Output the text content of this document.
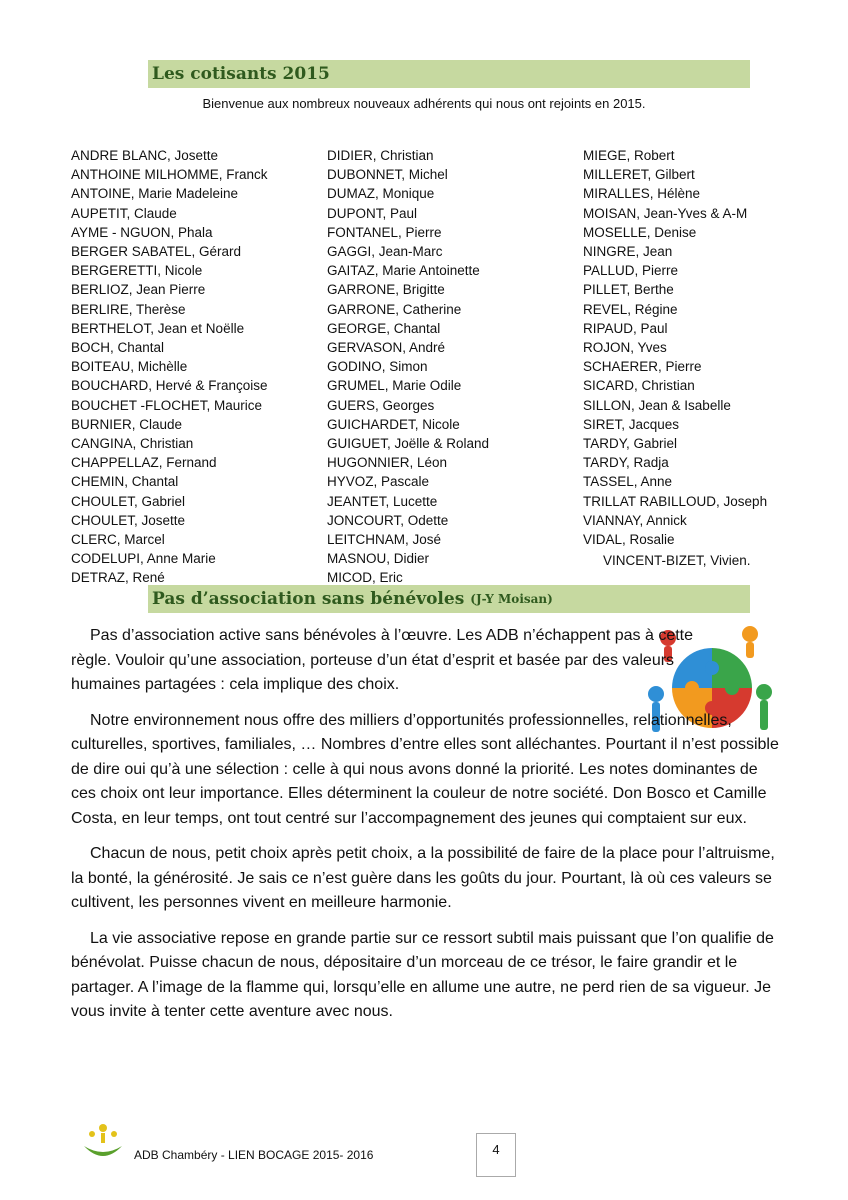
Les cotisants 2015
Bienvenue aux nombreux nouveaux adhérents qui nous ont rejoints en 2015.
ANDRE BLANC, Josette
ANTHOINE MILHOMME, Franck
ANTOINE, Marie Madeleine
AUPETIT, Claude
AYME - NGUON, Phala
BERGER SABATEL, Gérard
BERGERETTI, Nicole
BERLIOZ, Jean Pierre
BERLIRE, Therèse
BERTHELOT, Jean et Noëlle
BOCH, Chantal
BOITEAU, Michèlle
BOUCHARD, Hervé & Françoise
BOUCHET -FLOCHET, Maurice
BURNIER, Claude
CANGINA, Christian
CHAPPELLAZ, Fernand
CHEMIN, Chantal
CHOULET, Gabriel
CHOULET, Josette
CLERC, Marcel
CODELUPI, Anne Marie
DETRAZ, René
DIDIER, Christian
DUBONNET, Michel
DUMAZ, Monique
DUPONT, Paul
FONTANEL, Pierre
GAGGI, Jean-Marc
GAITAZ, Marie Antoinette
GARRONE, Brigitte
GARRONE, Catherine
GEORGE, Chantal
GERVASON, André
GODINO, Simon
GRUMEL, Marie Odile
GUERS, Georges
GUICHARDET, Nicole
GUIGUET, Joëlle & Roland
HUGONNIER, Léon
HYVOZ, Pascale
JEANTET, Lucette
JONCOURT, Odette
LEITCHNAM, José
MASNOU, Didier
MICOD, Eric
MIEGE, Robert
MILLERET, Gilbert
MIRALLES, Hélène
MOISAN, Jean-Yves & A-M
MOSELLE, Denise
NINGRE, Jean
PALLUD, Pierre
PILLET, Berthe
REVEL, Régine
RIPAUD, Paul
ROJON, Yves
SCHAERER, Pierre
SICARD, Christian
SILLON, Jean & Isabelle
SIRET, Jacques
TARDY, Gabriel
TARDY, Radja
TASSEL, Anne
TRILLAT RABILLOUD, Joseph
VIANNAY, Annick
VIDAL, Rosalie
VINCENT-BIZET, Vivien.
Pas d’association sans bénévoles (J-Y Moisan)

Pas d’association active sans bénévoles à l’œuvre. Les ADB n’échappent pas à cette règle. Vouloir qu’une association, porteuse d’un état d’esprit et basée par des valeurs humaines partagées : cela implique des choix.

Notre environnement nous offre des milliers d’opportunités professionnelles, relationnelles, culturelles, sportives, familiales, … Nombres d’entre elles sont alléchantes. Pourtant il n’est possible de dire oui qu’à une sélection : celle à qui nous avons donné la priorité. Les notes dominantes de ces choix ont leur importance. Elles déterminent la couleur de notre société. Don Bosco et Camille Costa, en leur temps, ont tout centré sur l’accompagnement des jeunes qui comptaient sur eux.

Chacun de nous, petit choix après petit choix, a la possibilité de faire de la place pour l’altruisme, la bonté, la générosité. Je sais ce n’est guère dans les goûts du jour. Pourtant, là où ces valeurs se cultivent, les personnes vivent en meilleure harmonie.

La vie associative repose en grande partie sur ce ressort subtil mais puissant que l’on qualifie de bénévolat. Puisse chacun de nous, dépositaire d’un morceau de ce trésor, le faire grandir et le partager. A l’image de la flamme qui, lorsqu’elle en allume une autre, ne perd rien de sa vigueur. Je vous invite à tenter cette aventure avec nous.

ADB Chambéry - LIEN BOCAGE 2015- 2016	4
